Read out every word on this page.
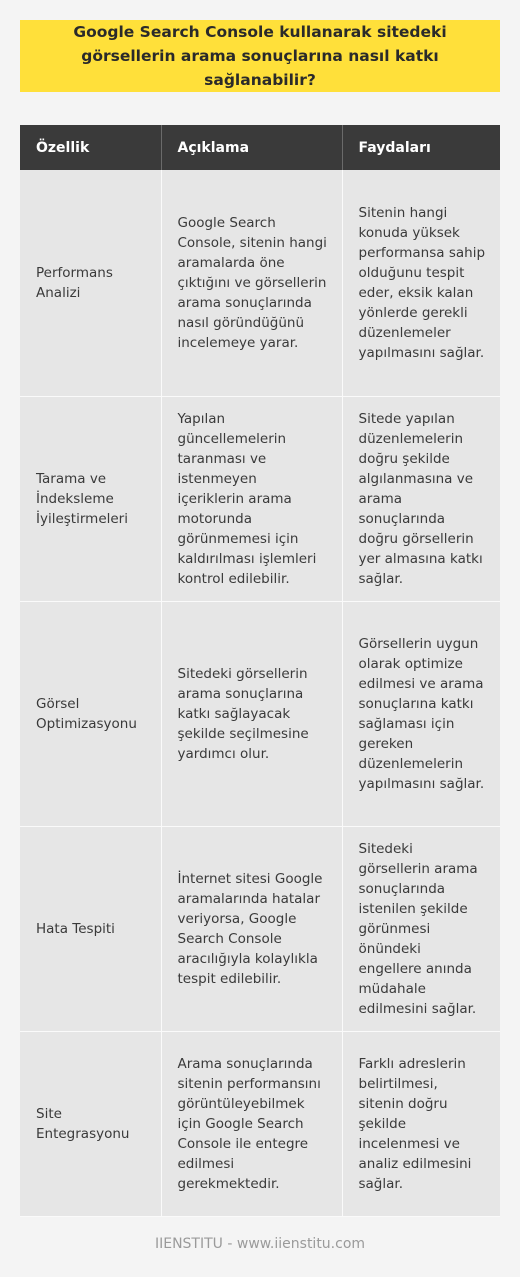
Google Search Console kullanarak sitedeki görsellerin arama sonuçlarına nasıl katkı sağlanabilir?
Özellik	Açıklama	Faydaları
Performans Analizi	Google Search Console, sitenin hangi aramalarda öne çıktığını ve görsellerin arama sonuçlarında nasıl göründüğünü incelemeye yarar.	Sitenin hangi konuda yüksek performansa sahip olduğunu tespit eder, eksik kalan yönlerde gerekli düzenlemeler yapılmasını sağlar.
Tarama ve İndeksleme İyileştirmeleri	Yapılan güncellemelerin taranması ve istenmeyen içeriklerin arama motorunda görünmemesi için kaldırılması işlemleri kontrol edilebilir.	Sitede yapılan düzenlemelerin doğru şekilde algılanmasına ve arama sonuçlarında doğru görsellerin yer almasına katkı sağlar.
Görsel Optimizasyonu	Sitedeki görsellerin arama sonuçlarına katkı sağlayacak şekilde seçilmesine yardımcı olur.	Görsellerin uygun olarak optimize edilmesi ve arama sonuçlarına katkı sağlaması için gereken düzenlemelerin yapılmasını sağlar.
Hata Tespiti	İnternet sitesi Google aramalarında hatalar veriyorsa, Google Search Console aracılığıyla kolaylıkla tespit edilebilir.	Sitedeki görsellerin arama sonuçlarında istenilen şekilde görünmesi önündeki engellere anında müdahale edilmesini sağlar.
Site Entegrasyonu	Arama sonuçlarında sitenin performansını görüntüleyebilmek için Google Search Console ile entegre edilmesi gerekmektedir.	Farklı adreslerin belirtilmesi, sitenin doğru şekilde incelenmesi ve analiz edilmesini sağlar.
IIENSTITU - www.iienstitu.com
